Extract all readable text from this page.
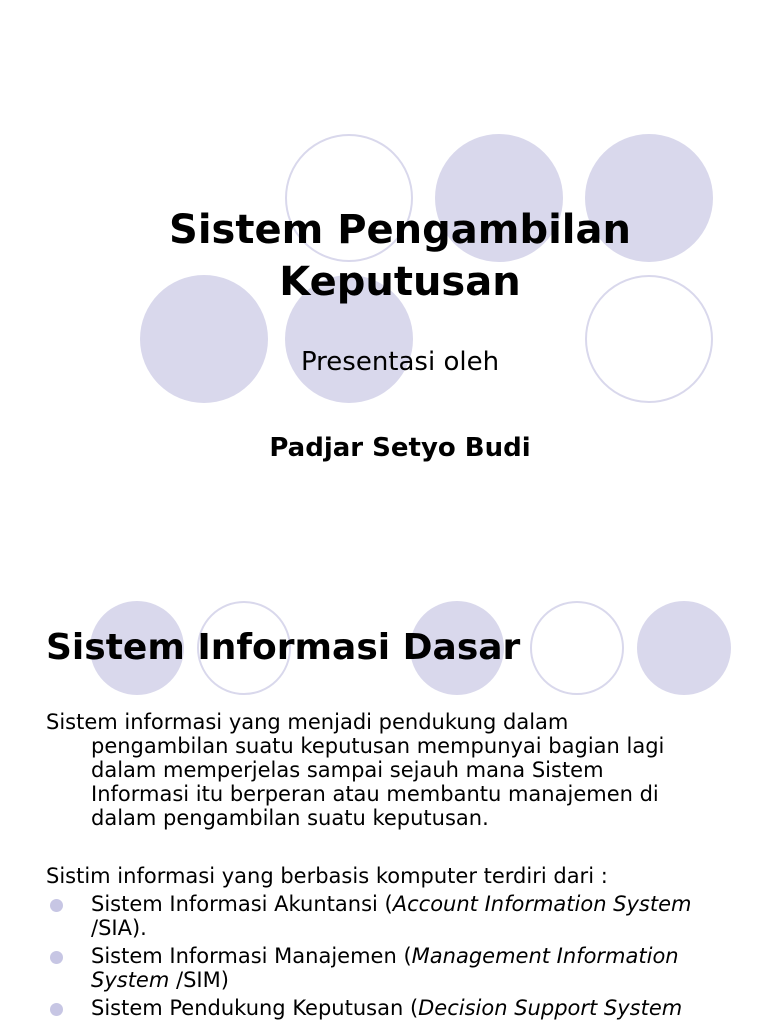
Sistem Pengambilan
Keputusan

Presentasi oleh

Padjar Setyo Budi

Sistem Informasi Dasar

Sistem informasi yang menjadi pendukung dalam
pengambilan suatu keputusan mempunyai bagian lagi
dalam memperjelas sampai sejauh mana Sistem
Informasi itu berperan atau membantu manajemen di
dalam pengambilan suatu keputusan.

Sistim informasi yang berbasis komputer terdiri dari :

Sistem Informasi Akuntansi (Account Information System /SIA).
Sistem Informasi Manajemen (Management Information System /SIM)
Sistem Pendukung Keputusan (Decision Support System
